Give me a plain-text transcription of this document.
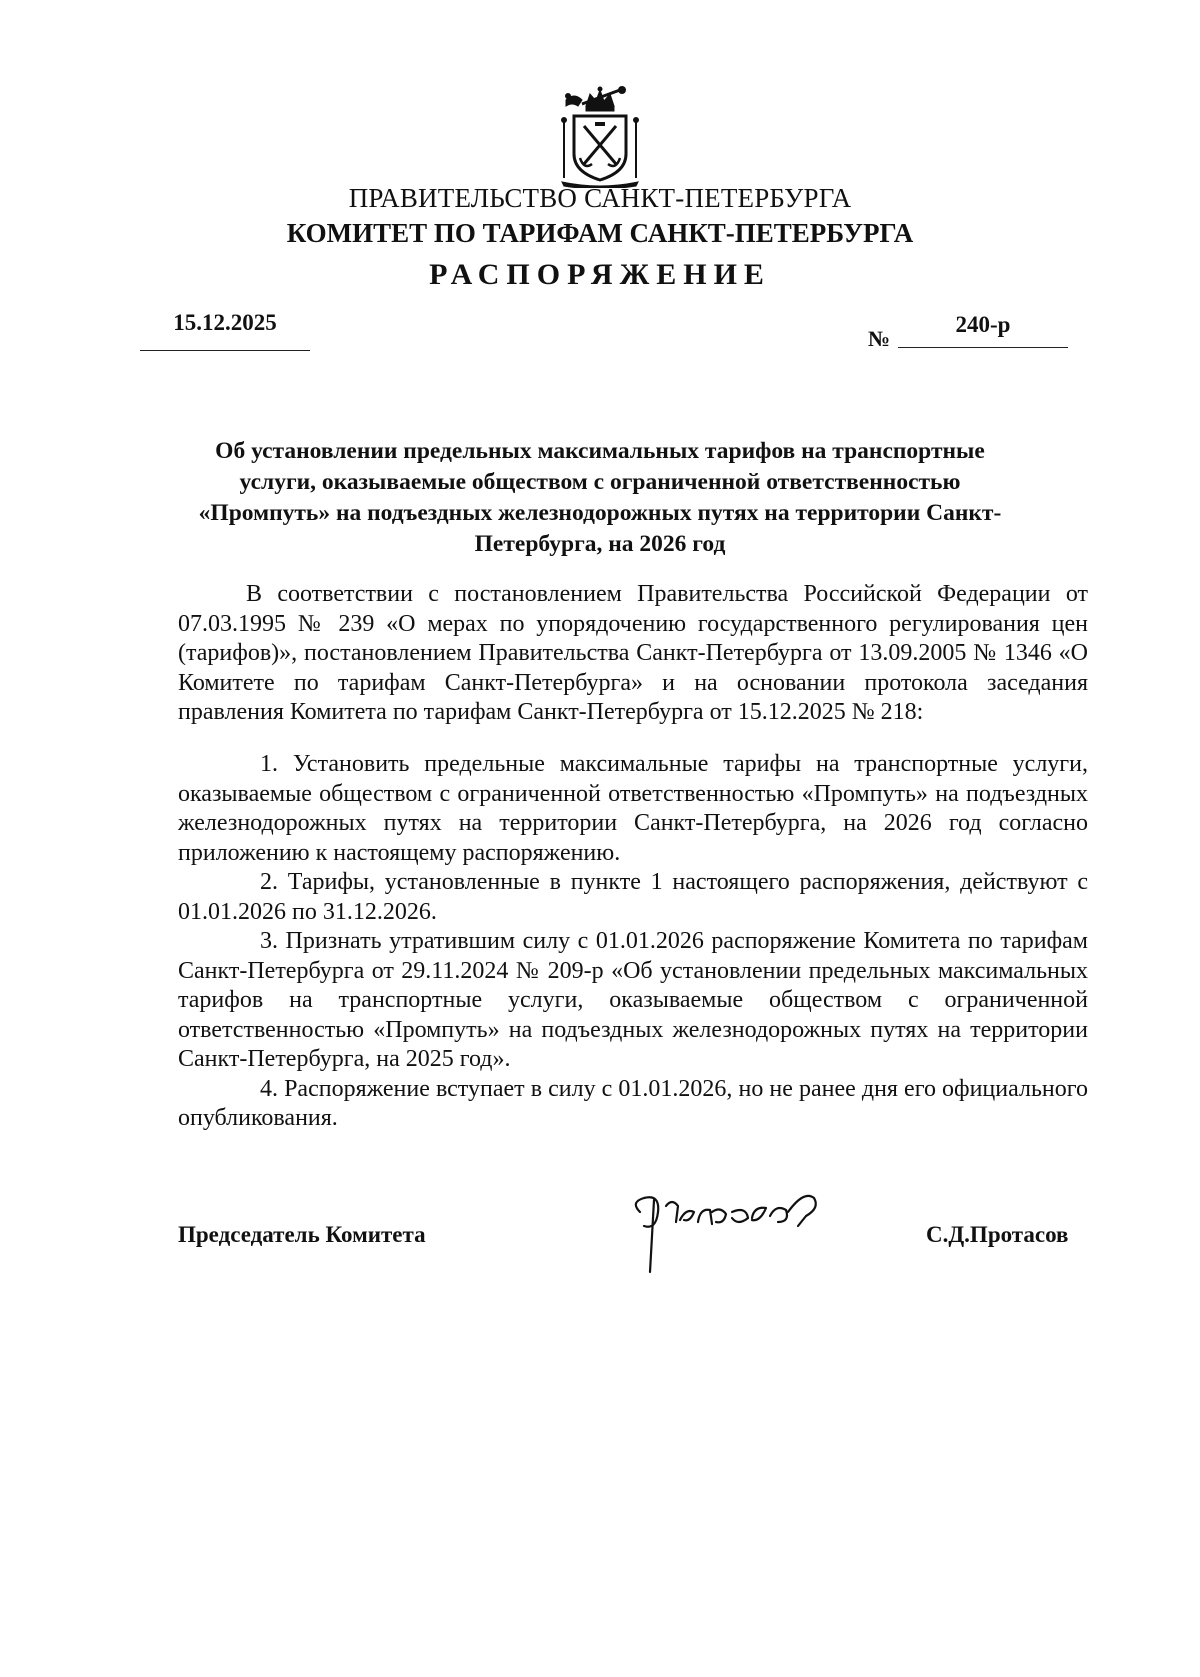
ПРАВИТЕЛЬСТВО САНКТ-ПЕТЕРБУРГА
КОМИТЕТ ПО ТАРИФАМ САНКТ-ПЕТЕРБУРГА
РАСПОРЯЖЕНИЕ
15.12.2025
№
240-р
Об установлении предельных максимальных тарифов на транспортные услуги, оказываемые обществом с ограниченной ответственностью «Промпуть» на подъездных железнодорожных путях на территории Санкт-Петербурга, на 2026 год

В соответствии с постановлением Правительства Российской Федерации от 07.03.1995 № 239 «О мерах по упорядочению государственного регулирования цен (тарифов)», постановлением Правительства Санкт-Петербурга от 13.09.2005 № 1346 «О Комитете по тарифам Санкт-Петербурга» и на основании протокола заседания правления Комитета по тарифам Санкт-Петербурга от 15.12.2025 № 218:

1. Установить предельные максимальные тарифы на транспортные услуги, оказываемые обществом с ограниченной ответственностью «Промпуть» на подъездных железнодорожных путях на территории Санкт-Петербурга, на 2026 год согласно приложению к настоящему распоряжению.

2. Тарифы, установленные в пункте 1 настоящего распоряжения, действуют с 01.01.2026 по 31.12.2026.

3. Признать утратившим силу с 01.01.2026 распоряжение Комитета по тарифам Санкт-Петербурга от 29.11.2024 № 209-р «Об установлении предельных максимальных тарифов на транспортные услуги, оказываемые обществом с ограниченной ответственностью «Промпуть» на подъездных железнодорожных путях на территории Санкт-Петербурга, на 2025 год».

4. Распоряжение вступает в силу с 01.01.2026, но не ранее дня его официального опубликования.

Председатель Комитета	С.Д.Протасов
